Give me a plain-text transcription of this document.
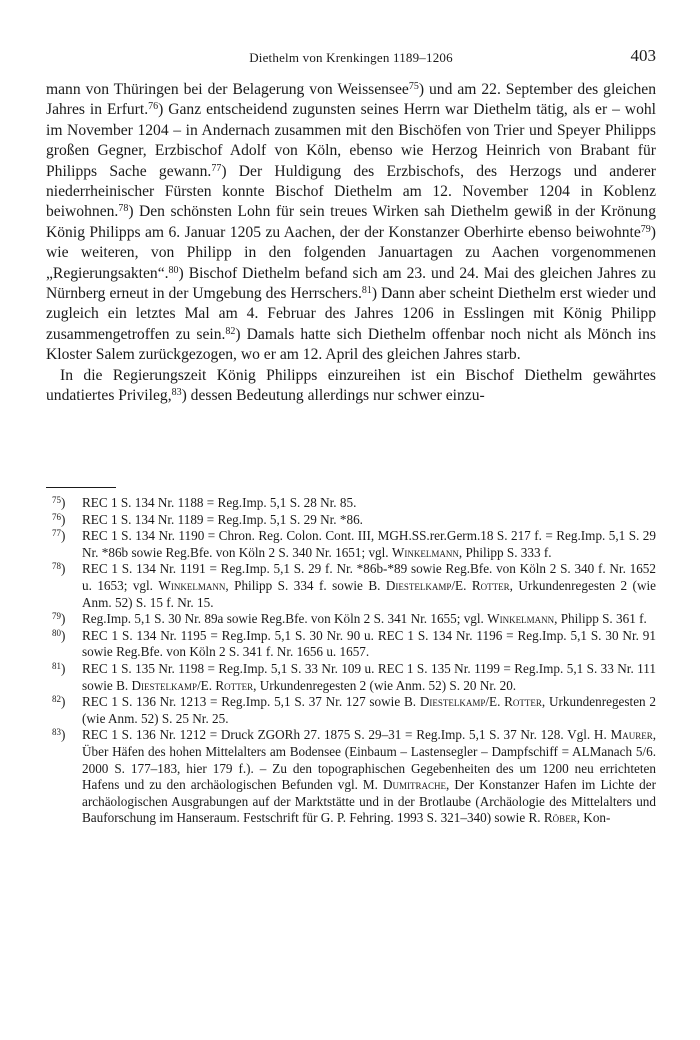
Diethelm von Krenkingen 1189–1206	403

mann von Thüringen bei der Belagerung von Weissensee$^{75}$) und am 22. September des gleichen Jahres in Erfurt.$^{76}$) Ganz entscheidend zugunsten seines Herrn war Diethelm tätig, als er – wohl im November 1204 – in Andernach zusammen mit den Bischöfen von Trier und Speyer Philipps großen Gegner, Erzbischof Adolf von Köln, ebenso wie Herzog Heinrich von Brabant für Philipps Sache gewann.$^{77}$) Der Huldigung des Erzbischofs, des Herzogs und anderer niederrheinischer Fürsten konnte Bischof Diethelm am 12. November 1204 in Koblenz beiwohnen.$^{78}$) Den schönsten Lohn für sein treues Wirken sah Diethelm gewiß in der Krönung König Philipps am 6. Januar 1205 zu Aachen, der der Konstanzer Oberhirte ebenso beiwohnte$^{79}$) wie weiteren, von Philipp in den folgenden Januartagen zu Aachen vorgenommenen „Regierungsakten“.$^{80}$) Bischof Diethelm befand sich am 23. und 24. Mai des gleichen Jahres zu Nürnberg erneut in der Umgebung des Herrschers.$^{81}$) Dann aber scheint Diethelm erst wieder und zugleich ein letztes Mal am 4. Februar des Jahres 1206 in Esslingen mit König Philipp zusammengetroffen zu sein.$^{82}$) Damals hatte sich Diethelm offenbar noch nicht als Mönch ins Kloster Salem zurückgezogen, wo er am 12. April des gleichen Jahres starb.

In die Regierungszeit König Philipps einzureihen ist ein Bischof Diethelm gewährtes undatiertes Privileg,$^{83}$) dessen Bedeutung allerdings nur schwer einzu-

$^{75}$) REC 1 S. 134 Nr. 1188 = Reg.Imp. 5,1 S. 28 Nr. 85.
$^{76}$) REC 1 S. 134 Nr. 1189 = Reg.Imp. 5,1 S. 29 Nr. *86.
$^{77}$) REC 1 S. 134 Nr. 1190 = Chron. Reg. Colon. Cont. III, MGH.SS.rer.Germ.18 S. 217 f. = Reg.Imp. 5,1 S. 29 Nr. *86b sowie Reg.Bfe. von Köln 2 S. 340 Nr. 1651; vgl. Winkelmann, Philipp S. 333 f.
$^{78}$) REC 1 S. 134 Nr. 1191 = Reg.Imp. 5,1 S. 29 f. Nr. *86b-*89 sowie Reg.Bfe. von Köln 2 S. 340 f. Nr. 1652 u. 1653; vgl. Winkelmann, Philipp S. 334 f. sowie B. Diestelkamp/E. Rotter, Urkundenregesten 2 (wie Anm. 52) S. 15 f. Nr. 15.
$^{79}$) Reg.Imp. 5,1 S. 30 Nr. 89a sowie Reg.Bfe. von Köln 2 S. 341 Nr. 1655; vgl. Winkelmann, Philipp S. 361 f.
$^{80}$) REC 1 S. 134 Nr. 1195 = Reg.Imp. 5,1 S. 30 Nr. 90 u. REC 1 S. 134 Nr. 1196 = Reg.Imp. 5,1 S. 30 Nr. 91 sowie Reg.Bfe. von Köln 2 S. 341 f. Nr. 1656 u. 1657.
$^{81}$) REC 1 S. 135 Nr. 1198 = Reg.Imp. 5,1 S. 33 Nr. 109 u. REC 1 S. 135 Nr. 1199 = Reg.Imp. 5,1 S. 33 Nr. 111 sowie B. Diestelkamp/E. Rotter, Urkundenregesten 2 (wie Anm. 52) S. 20 Nr. 20.
$^{82}$) REC 1 S. 136 Nr. 1213 = Reg.Imp. 5,1 S. 37 Nr. 127 sowie B. Diestelkamp/E. Rotter, Urkundenregesten 2 (wie Anm. 52) S. 25 Nr. 25.
$^{83}$) REC 1 S. 136 Nr. 1212 = Druck ZGORh 27. 1875 S. 29–31 = Reg.Imp. 5,1 S. 37 Nr. 128. Vgl. H. Maurer, Über Häfen des hohen Mittelalters am Bodensee (Einbaum – Lastensegler – Dampfschiff = ALManach 5/6. 2000 S. 177–183, hier 179 f.). – Zu den topographischen Gegebenheiten des um 1200 neu errichteten Hafens und zu den archäologischen Befunden vgl. M. Dumitrache, Der Konstanzer Hafen im Lichte der archäologischen Ausgrabungen auf der Marktstätte und in der Brotlaube (Archäologie des Mittelalters und Bauforschung im Hanseraum. Festschrift für G. P. Fehring. 1993 S. 321–340) sowie R. Röber, Kon-
